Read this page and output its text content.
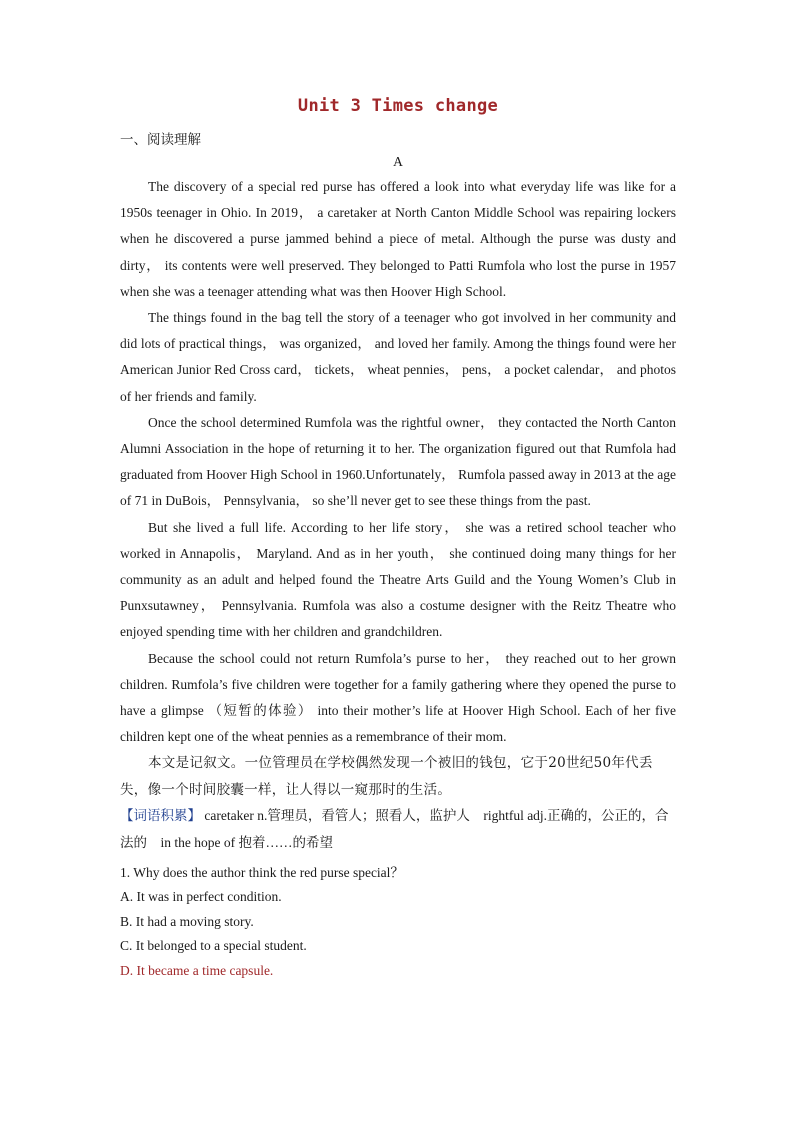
Unit 3 Times change

一、阅读理解

A

The discovery of a special red purse has offered a look into what everyday life was like for a 1950s teenager in Ohio. In 2019， a caretaker at North Canton Middle School was repairing lockers when he discovered a purse jammed behind a piece of metal. Although the purse was dusty and dirty， its contents were well preserved. They belonged to Patti Rumfola who lost the purse in 1957 when she was a teenager attending what was then Hoover High School.

The things found in the bag tell the story of a teenager who got involved in her community and did lots of practical things， was organized， and loved her family. Among the things found were her American Junior Red Cross card， tickets， wheat pennies， pens， a pocket calendar， and photos of her friends and family.

Once the school determined Rumfola was the rightful owner， they contacted the North Canton Alumni Association in the hope of returning it to her. The organization figured out that Rumfola had graduated from Hoover High School in 1960.Unfortunately， Rumfola passed away in 2013 at the age of 71 in DuBois， Pennsylvania， so she’ll never get to see these things from the past.

But she lived a full life. According to her life story， she was a retired school teacher who worked in Annapolis， Maryland. And as in her youth， she continued doing many things for her community as an adult and helped found the Theatre Arts Guild and the Young Women’s Club in Punxsutawney， Pennsylvania. Rumfola was also a costume designer with the Reitz Theatre who enjoyed spending time with her children and grandchildren.

Because the school could not return Rumfola’s purse to her， they reached out to her grown children. Rumfola’s five children were together for a family gathering where they opened the purse to have a glimpse （短暂的体验） into their mother’s life at Hoover High School. Each of her five children kept one of the wheat pennies as a remembrance of their mom.

本文是记叙文。一位管理员在学校偶然发现一个被旧的钱包，它于20世纪50年代丢失，像一个时间胶囊一样，让人得以一窥那时的生活。

【词语积累】 caretaker n.管理员，看管人；照看人，监护人　rightful adj.正确的，公正的，合法的　in the hope of 抱着……的希望

1. Why does the author think the red purse special？

A. It was in perfect condition.

B. It had a moving story.

C. It belonged to a special student.

D. It became a time capsule.
